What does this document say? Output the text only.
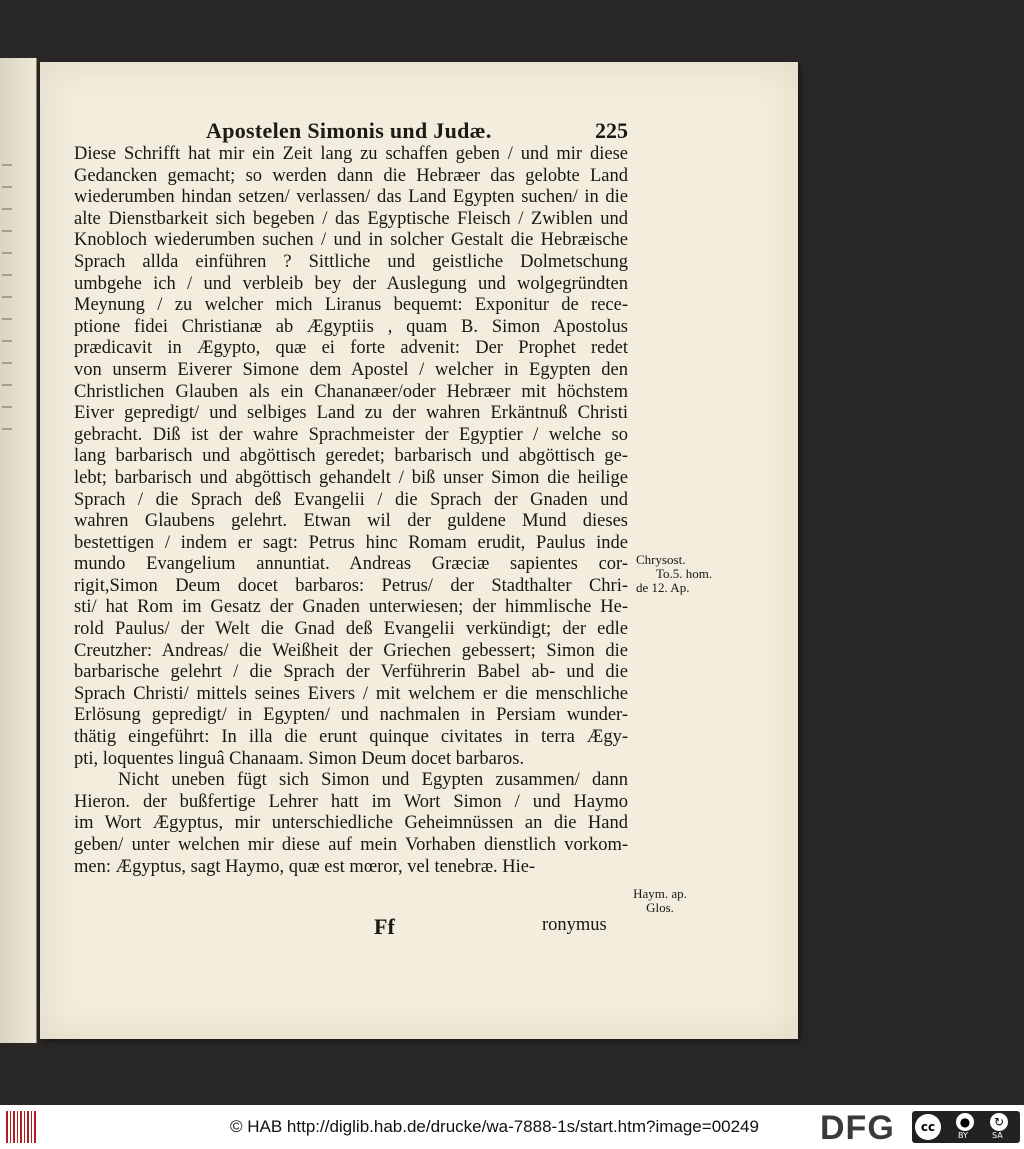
Apostelen Simonis und Judæ.	225
Diese Schrifft hat mir ein Zeit lang zu schaffen geben / und mir diese
Gedancken gemacht; so werden dann die Hebræer das gelobte Land
wiederumben hindan setzen/ verlassen/ das Land Egypten suchen/ in die
alte Dienstbarkeit sich begeben / das Egyptische Fleisch / Zwiblen und
Knobloch wiederumben suchen / und in solcher Gestalt die Hebræische
Sprach allda einführen ? Sittliche und geistliche Dolmetschung
umbgehe ich / und verbleib bey der Auslegung und wolgegründten
Meynung / zu welcher mich Liranus bequemt: Exponitur de rece-
ptione fidei Christianæ ab Ægyptiis , quam B. Simon Apostolus
prædicavit in Ægypto, quæ ei forte advenit: Der Prophet redet
von unserm Eiverer Simone dem Apostel / welcher in Egypten den
Christlichen Glauben als ein Chananæer/oder Hebræer mit höchstem
Eiver gepredigt/ und selbiges Land zu der wahren Erkäntnuß Christi
gebracht. Diß ist der wahre Sprachmeister der Egyptier / welche so
lang barbarisch und abgöttisch geredet; barbarisch und abgöttisch ge-
lebt; barbarisch und abgöttisch gehandelt / biß unser Simon die heilige
Sprach / die Sprach deß Evangelii / die Sprach der Gnaden und
wahren Glaubens gelehrt. Etwan wil der guldene Mund dieses
bestettigen / indem er sagt: Petrus hinc Romam erudit, Paulus inde
mundo Evangelium annuntiat. Andreas Græciæ sapientes cor-
rigit,Simon Deum docet barbaros: Petrus/ der Stadthalter Chri-
sti/ hat Rom im Gesatz der Gnaden unterwiesen; der himmlische He-
rold Paulus/ der Welt die Gnad deß Evangelii verkündigt; der edle
Creutzher: Andreas/ die Weißheit der Griechen gebessert; Simon die
barbarische gelehrt / die Sprach der Verführerin Babel ab- und die
Sprach Christi/ mittels seines Eivers / mit welchem er die menschliche
Erlösung gepredigt/ in Egypten/ und nachmalen in Persiam wunder-
thätig eingeführt: In illa die erunt quinque civitates in terra Ægy-
pti, loquentes linguâ Chanaam. Simon Deum docet barbaros.
Nicht uneben fügt sich Simon und Egypten zusammen/ dann
Hieron. der bußfertige Lehrer hatt im Wort Simon / und Haymo
im Wort Ægyptus, mir unterschiedliche Geheimnüssen an die Hand
geben/ unter welchen mir diese auf mein Vorhaben dienstlich vorkom-
men: Ægyptus, sagt Haymo, quæ est mœror, vel tenebræ. Hie-
Ff	ronymus
Chrysost.
To.5. hom.
de 12. Ap.
Haym. ap.
Glos.
© HAB http://diglib.hab.de/drucke/wa-7888-1s/start.htm?image=00249 DFG	cc	●	↻
BY	SA
